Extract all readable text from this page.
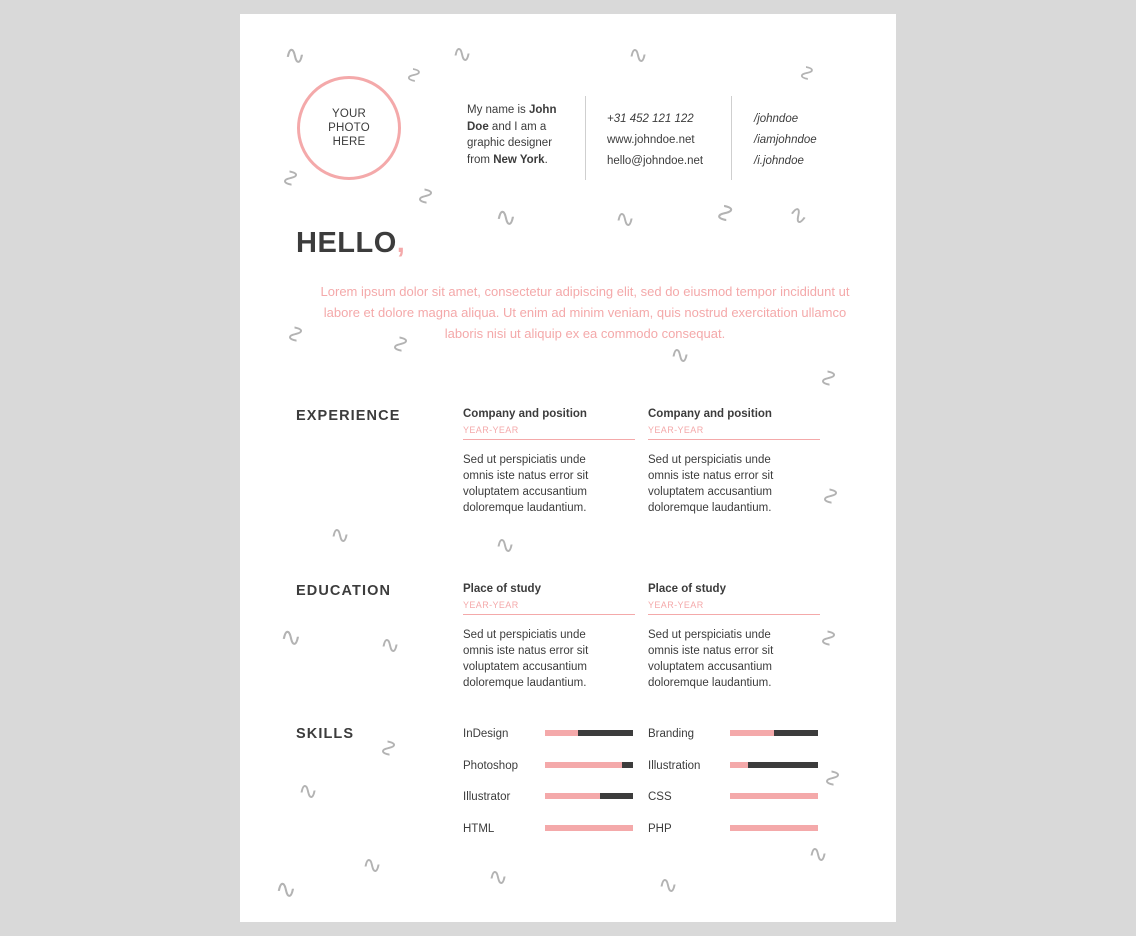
∿
∿
∿	∿
∿
∿
∿
∿	∿
∿	∿	∿ ∿
∿
∿
∿	∿
∿
∿	∿	∿
∿
∿	∿
∿
∿	∿	∿
∿
YOUR
PHOTO
HERE
My name is John Doe and I am a graphic designer from New York.
+31 452 121 122
www.johndoe.net
hello@johndoe.net
/johndoe
/iamjohndoe
/i.johndoe
HELLO,
Lorem ipsum dolor sit amet, consectetur adipiscing elit, sed do eiusmod tempor incididunt ut labore et dolore magna aliqua. Ut enim ad minim veniam, quis nostrud exercitation ullamco laboris nisi ut aliquip ex ea commodo consequat.
EXPERIENCE	Company and position
YEAR-YEAR
Sed ut perspiciatis unde omnis iste natus error sit voluptatem accusantium doloremque laudantium.
Company and position
YEAR-YEAR
Sed ut perspiciatis unde omnis iste natus error sit voluptatem accusantium doloremque laudantium.
EDUCATION	Place of study
YEAR-YEAR
Sed ut perspiciatis unde omnis iste natus error sit voluptatem accusantium doloremque laudantium.
Place of study
YEAR-YEAR
Sed ut perspiciatis unde omnis iste natus error sit voluptatem accusantium doloremque laudantium.
SKILLS	InDesign
Photoshop
Illustrator
HTML
Branding
Illustration
CSS
PHP
